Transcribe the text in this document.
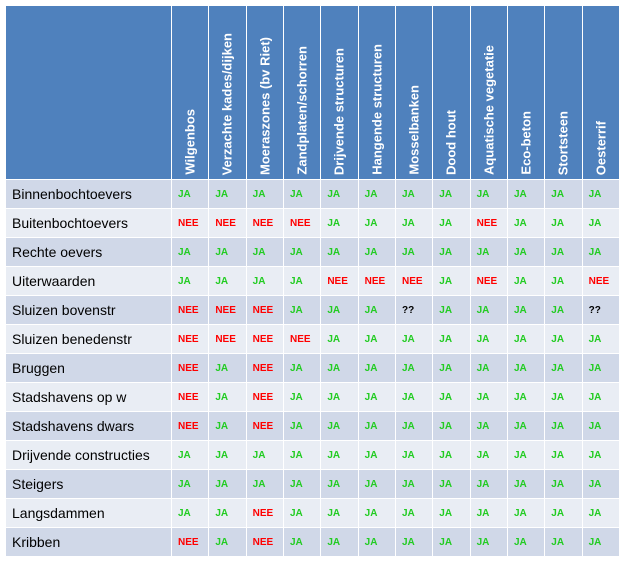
	Wilgenbos	Verzachte kades/dijken	Moeraszones (bv Riet)	Zandplaten/schorren	Drijvende structuren	Hangende structuren	Mosselbanken	Dood hout	Aquatische vegetatie	Eco-beton	Stortsteen	Oesterrif

Binnenbochtoevers	JA	JA	JA	JA	JA	JA	JA	JA	JA	JA	JA	JA
Buitenbochtoevers	NEE	NEE	NEE	NEE	JA	JA	JA	JA	NEE	JA	JA	JA
Rechte oevers	JA	JA	JA	JA	JA	JA	JA	JA	JA	JA	JA	JA
Uiterwaarden	JA	JA	JA	JA	NEE	NEE	NEE	JA	NEE	JA	JA	NEE
Sluizen bovenstr	NEE	NEE	NEE	JA	JA	JA	??	JA	JA	JA	JA	??
Sluizen benedenstr	NEE	NEE	NEE	NEE	JA	JA	JA	JA	JA	JA	JA	JA
Bruggen	NEE	JA	NEE	JA	JA	JA	JA	JA	JA	JA	JA	JA
Stadshavens op w	NEE	JA	NEE	JA	JA	JA	JA	JA	JA	JA	JA	JA
Stadshavens dwars	NEE	JA	NEE	JA	JA	JA	JA	JA	JA	JA	JA	JA
Drijvende constructies	JA	JA	JA	JA	JA	JA	JA	JA	JA	JA	JA	JA
Steigers	JA	JA	JA	JA	JA	JA	JA	JA	JA	JA	JA	JA
Langsdammen	JA	JA	NEE	JA	JA	JA	JA	JA	JA	JA	JA	JA
Kribben	NEE	JA	NEE	JA	JA	JA	JA	JA	JA	JA	JA	JA
